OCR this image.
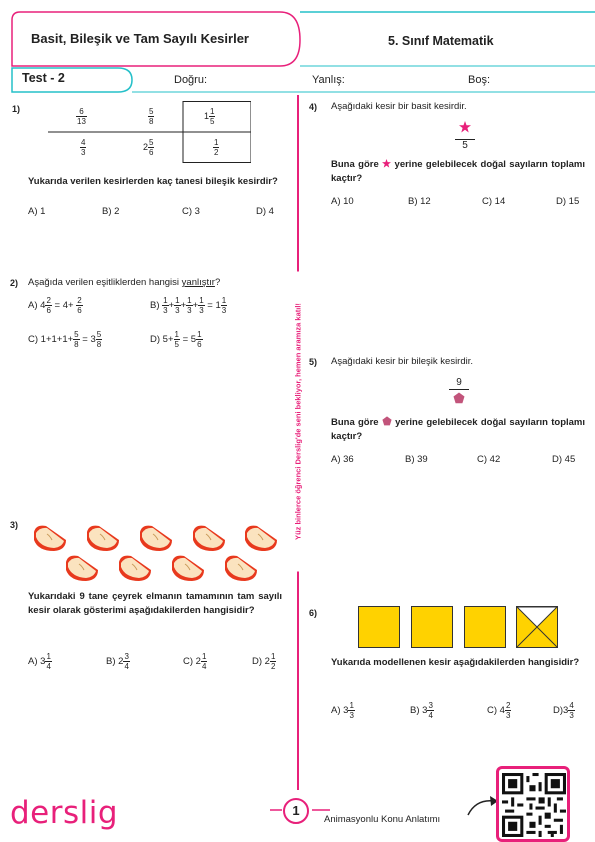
Basit, Bileşik ve Tam Sayılı Kesirler	5. Sınıf Matematik
Test - 2	Doğru:	Yanlış:	Boş:
Yüz binlerce öğrenci Derslig'de seni bekliyor, hemen aramıza katıl!
1)	$\frac{6}{13}$	$\frac{5}{8}$	$1 \frac{1}{5}$
$\frac{4}{3}$	$2 \frac{5}{6}$	$\frac{1}{2}$
Yukarıda verilen kesirlerden kaç tanesi bileşik kesirdir?
A) 1	B) 2	C) 3	D) 4
2) Aşağıda verilen eşitliklerden hangisi yanlıştır?
A) $4 \frac{2}{6} = 4+ \frac{2}{6}$	$B) \frac{1}{3} + \frac{1}{3} + \frac{1}{3} + \frac{1}{3} = 1 \frac{1}{3}$
C) $1+1+1+ \frac{5}{8} = 3 \frac{5}{8}$	D) $5+ \frac{1}{5} = 5 \frac{1}{6}$
3)
Yukarıdaki 9 tane çeyrek elmanın tamamının tam sayılı kesir olarak gösterimi aşağıdakilerden hangisidir?
A) $3 \frac{1}{4}$	B) $2 \frac{3}{4}$	C) $2 \frac{1}{4}$	D) $2 \frac{1}{2}$
4) Aşağıdaki kesir bir basit kesirdir.
5
Buna göre yerine gelebilecek doğal sayıların toplamı kaçtır?
A) 10	B) 12	C) 14	D) 15
5) Aşağıdaki kesir bir bileşik kesirdir.
9
Buna göre yerine gelebilecek doğal sayıların toplamı kaçtır?
A) 36	B) 39	C) 42	D) 45
6)
Yukarıda modellenen kesir aşağıdakilerden hangisidir?
A) $3 \frac{1}{3}$	B) $3 \frac{3}{4}$	C) $4 \frac{2}{3}$	$D)3 \frac{4}{3}$
derslig	1
Animasyonlu Konu Anlatımı
